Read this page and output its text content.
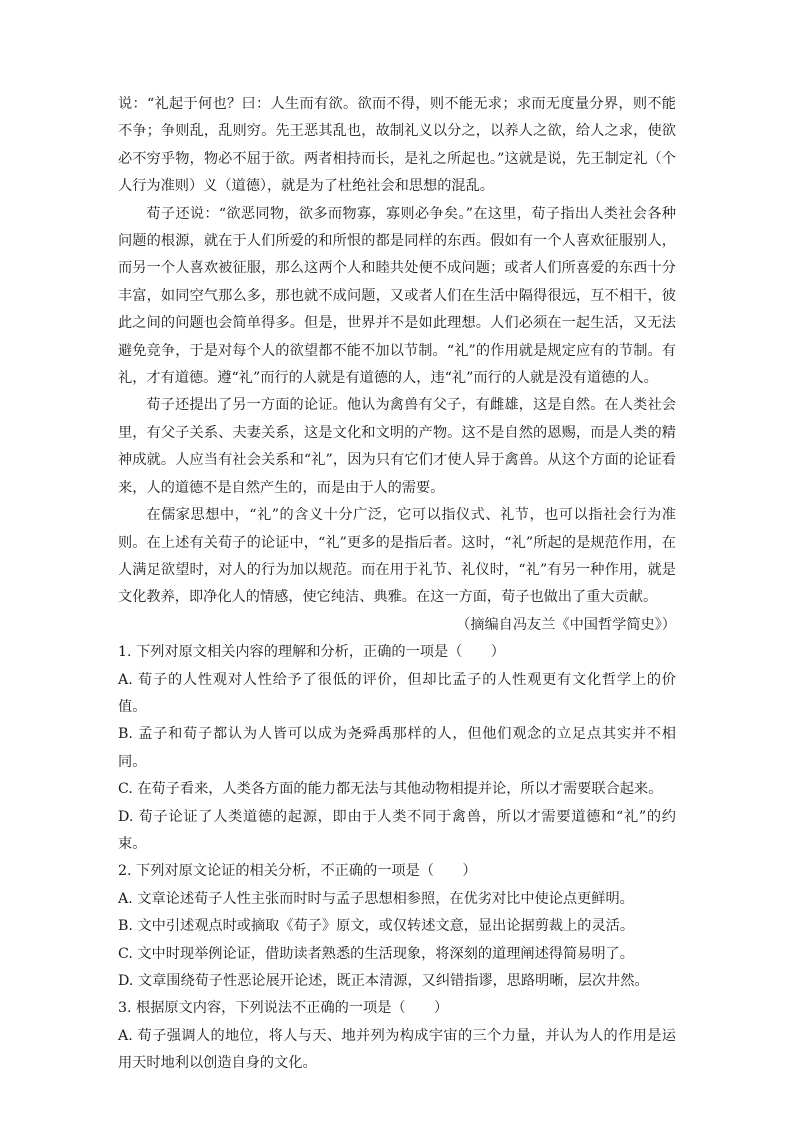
说：“礼起于何也？曰：人生而有欲。欲而不得，则不能无求；求而无度量分界，则不能不争；争则乱，乱则穷。先王恶其乱也，故制礼义以分之，以养人之欲，给人之求，使欲必不穷乎物，物必不屈于欲。两者相持而长，是礼之所起也。”这就是说，先王制定礼（个人行为准则）义（道德），就是为了杜绝社会和思想的混乱。

荀子还说：“欲恶同物，欲多而物寡，寡则必争矣。”在这里，荀子指出人类社会各种问题的根源，就在于人们所爱的和所恨的都是同样的东西。假如有一个人喜欢征服别人，而另一个人喜欢被征服，那么这两个人和睦共处便不成问题；或者人们所喜爱的东西十分丰富，如同空气那么多，那也就不成问题，又或者人们在生活中隔得很远，互不相干，彼此之间的问题也会简单得多。但是，世界并不是如此理想。人们必须在一起生活，又无法避免竞争，于是对每个人的欲望都不能不加以节制。“礼”的作用就是规定应有的节制。有礼，才有道德。遵“礼”而行的人就是有道德的人，违“礼”而行的人就是没有道德的人。

荀子还提出了另一方面的论证。他认为禽兽有父子，有雌雄，这是自然。在人类社会里，有父子关系、夫妻关系，这是文化和文明的产物。这不是自然的恩赐，而是人类的精神成就。人应当有社会关系和“礼”，因为只有它们才使人异于禽兽。从这个方面的论证看来，人的道德不是自然产生的，而是由于人的需要。

在儒家思想中，“礼”的含义十分广泛，它可以指仪式、礼节，也可以指社会行为准则。在上述有关荀子的论证中，“礼”更多的是指后者。这时，“礼”所起的是规范作用，在人满足欲望时，对人的行为加以规范。而在用于礼节、礼仪时，“礼”有另一种作用，就是文化教养，即净化人的情感，使它纯洁、典雅。在这一方面，荀子也做出了重大贡献。

（摘编自冯友兰《中国哲学简史》）

1. 下列对原文相关内容的理解和分析，正确的一项是（　　）

A. 荀子的人性观对人性给予了很低的评价，但却比孟子的人性观更有文化哲学上的价值。

B. 孟子和荀子都认为人皆可以成为尧舜禹那样的人，但他们观念的立足点其实并不相同。

C. 在荀子看来，人类各方面的能力都无法与其他动物相提并论，所以才需要联合起来。

D. 荀子论证了人类道德的起源，即由于人类不同于禽兽，所以才需要道德和“礼”的约束。

2. 下列对原文论证的相关分析，不正确的一项是（　　）

A. 文章论述荀子人性主张而时时与孟子思想相参照，在优劣对比中使论点更鲜明。

B. 文中引述观点时或摘取《荀子》原文，或仅转述文意，显出论据剪裁上的灵活。

C. 文中时现举例论证，借助读者熟悉的生活现象，将深刻的道理阐述得简易明了。

D. 文章围绕荀子性恶论展开论述，既正本清源，又纠错指谬，思路明晰，层次井然。

3. 根据原文内容，下列说法不正确的一项是（　　）

A. 荀子强调人的地位，将人与天、地并列为构成宇宙的三个力量，并认为人的作用是运用天时地利以创造自身的文化。
